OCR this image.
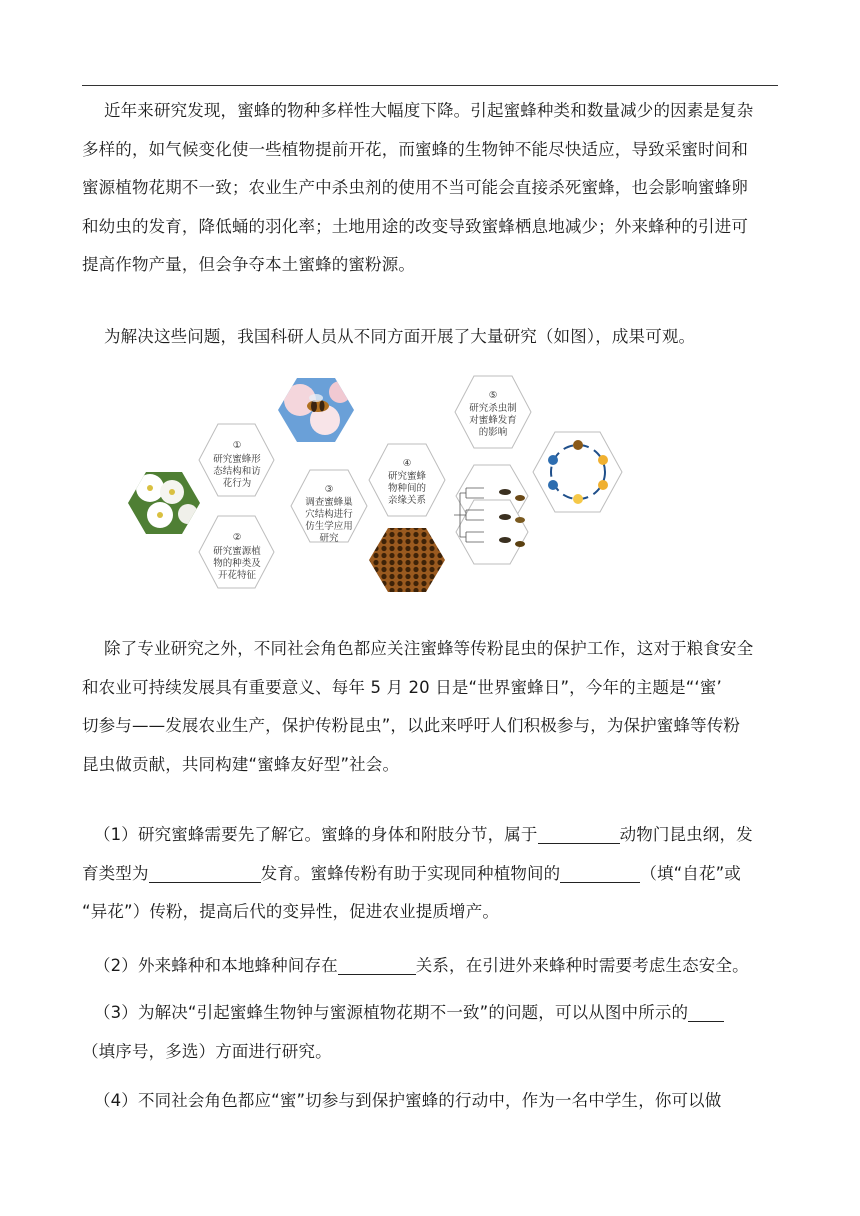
近年来研究发现，蜜蜂的物种多样性大幅度下降。引起蜜蜂种类和数量减少的因素是复杂
多样的，如气候变化使一些植物提前开花，而蜜蜂的生物钟不能尽快适应，导致采蜜时间和
蜜源植物花期不一致；农业生产中杀虫剂的使用不当可能会直接杀死蜜蜂，也会影响蜜蜂卵
和幼虫的发育，降低蛹的羽化率；土地用途的改变导致蜜蜂栖息地减少；外来蜂种的引进可
提高作物产量，但会争夺本土蜜蜂的蜜粉源。
为解决这些问题，我国科研人员从不同方面开展了大量研究（如图），成果可观。
①
研究蜜蜂形
态结构和访
花行为
②
研究蜜源植
物的种类及
开花特征
③
调查蜜蜂巢
穴结构进行
仿生学应用
研究
④
研究蜜蜂
物种间的
亲缘关系
⑤
研究杀虫制
对蜜蜂发育
的影响
除了专业研究之外，不同社会角色都应关注蜜蜂等传粉昆虫的保护工作，这对于粮食安全
和农业可持续发展具有重要意义、每年 5 月 20 日是“世界蜜蜂日”，今年的主题是“‘蜜’
切参与——发展农业生产，保护传粉昆虫”，以此来呼吁人们积极参与，为保护蜜蜂等传粉
昆虫做贡献，共同构建“蜜蜂友好型”社会。
（1）研究蜜蜂需要先了解它。蜜蜂的身体和附肢分节，属于	动物门昆虫纲，发
育类型为	发育。蜜蜂传粉有助于实现同种植物间的	（填“自花”或
“异花”）传粉，提高后代的变异性，促进农业提质增产。
（2）外来蜂种和本地蜂种间存在	关系，在引进外来蜂种时需要考虑生态安全。
（3）为解决“引起蜜蜂生物钟与蜜源植物花期不一致”的问题，可以从图中所示的
（填序号，多选）方面进行研究。
（4）不同社会角色都应“蜜”切参与到保护蜜蜂的行动中，作为一名中学生，你可以做
